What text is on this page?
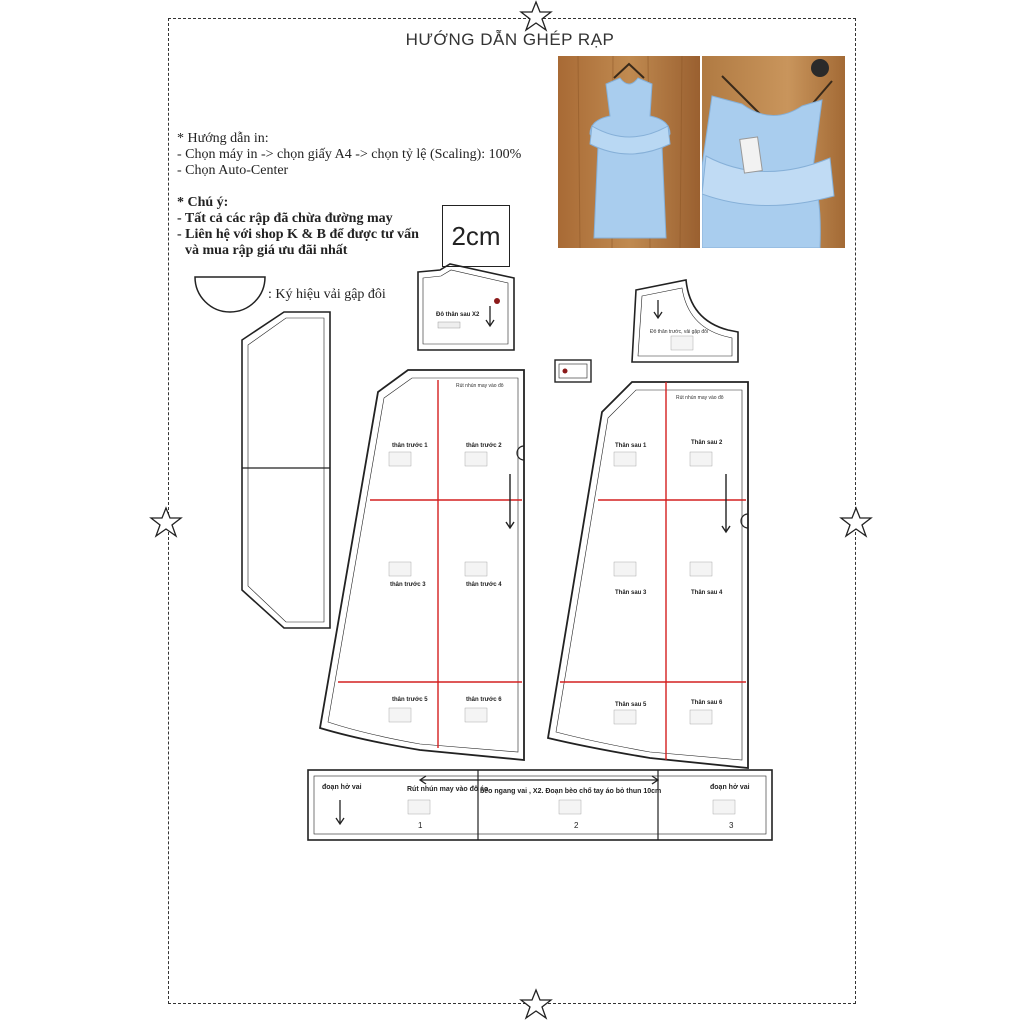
HƯỚNG DẪN GHÉP RẠP
* Hướng dẫn in:
- Chọn máy in -> chọn giấy A4 -> chọn tỷ lệ (Scaling): 100%
- Chọn Auto-Center
* Chú ý:
- Tất cả các rập đã chừa đường may
- Liên hệ với shop K & B để được tư vấn
và mua rập giá ưu đãi nhất	2cm
: Ký hiệu vải gập đôi
Đô thân sau X2
Đô thân trước, vải gập đôi
Rút nhún may vào đô
thân trước 1	thân trước 2
thân trước 3	thân trước 4
thân trước 5	thân trước 6
Rút nhún may vào đô
Thân sau 1	Thân sau 2
Thân sau 3	Thân sau 4
Thân sau 5	Thân sau 6
đoạn hở vai	đoạn hở vai
Rút nhún may vào đô áo
bèo ngang vai , X2. Đoạn bèo chổ tay áo bỏ thun 10cm
1	2	3
